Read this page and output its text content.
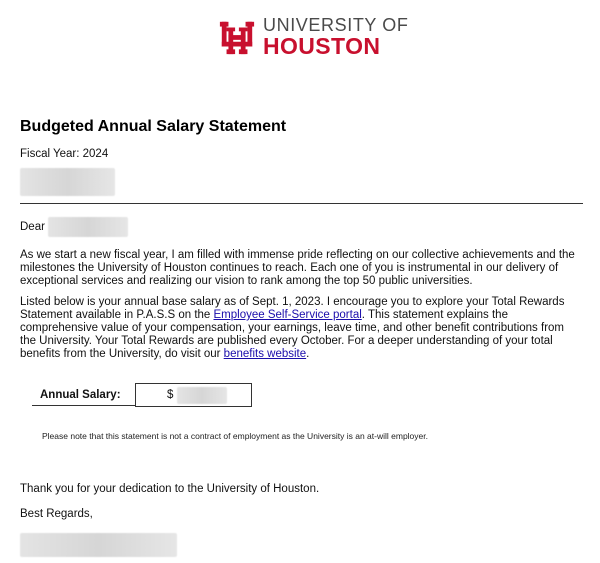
UNIVERSITY OF
HOUSTON
Budgeted Annual Salary Statement
Fiscal Year: 2024
Dear

As we start a new fiscal year, I am filled with immense pride reflecting on our collective achievements and the milestones the University of Houston continues to reach. Each one of you is instrumental in our delivery of exceptional services and realizing our vision to rank among the top 50 public universities.

Listed below is your annual base salary as of Sept. 1, 2023. I encourage you to explore your Total Rewards Statement available in P.A.S.S on the Employee Self-Service portal. This statement explains the comprehensive value of your compensation, your earnings, leave time, and other benefit contributions from the University. Your Total Rewards are published every October. For a deeper understanding of your total benefits from the University, do visit our benefits website.

Annual Salary:	$
Please note that this statement is not a contract of employment as the University is an at-will employer.
Thank you for your dedication to the University of Houston.
Best Regards,
